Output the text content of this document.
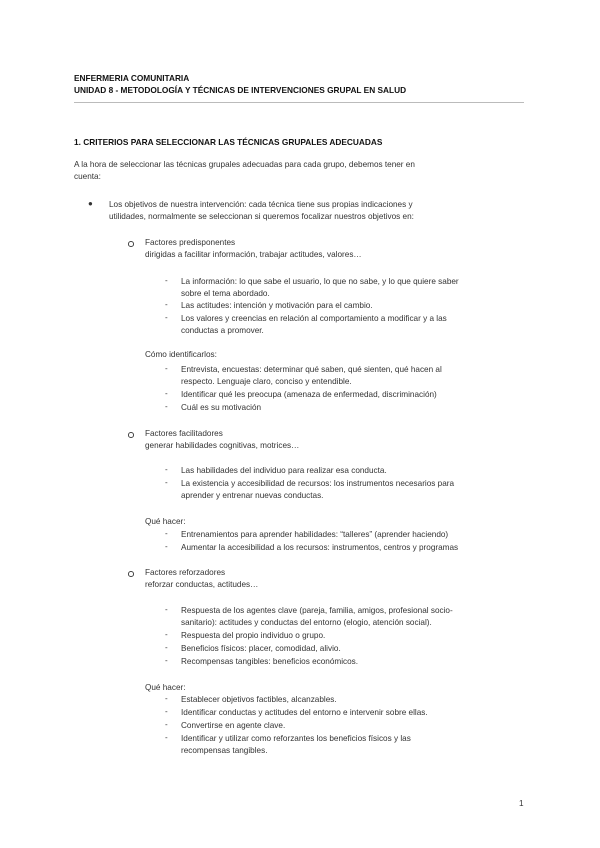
ENFERMERIA COMUNITARIA
UNIDAD 8 - METODOLOGÍA Y TÉCNICAS DE INTERVENCIONES GRUPAL EN SALUD
1. CRITERIOS PARA SELECCIONAR LAS TÉCNICAS GRUPALES ADECUADAS
A la hora de seleccionar las técnicas grupales adecuadas para cada grupo, debemos tener en
cuenta:
● Los objetivos de nuestra intervención: cada técnica tiene sus propias indicaciones y
utilidades, normalmente se seleccionan si queremos focalizar nuestros objetivos en:
Factores predisponentes
dirigidas a facilitar información, trabajar actitudes, valores…
- La información: lo que sabe el usuario, lo que no sabe, y lo que quiere saber
sobre el tema abordado.
- Las actitudes: intención y motivación para el cambio.
- Los valores y creencias en relación al comportamiento a modificar y a las
conductas a promover.
Cómo identificarlos:
- Entrevista, encuestas: determinar qué saben, qué sienten, qué hacen al
respecto. Lenguaje claro, conciso y entendible.
- Identificar qué les preocupa (amenaza de enfermedad, discriminación)
- Cuál es su motivación
Factores facilitadores
generar habilidades cognitivas, motrices…
- Las habilidades del individuo para realizar esa conducta.
- La existencia y accesibilidad de recursos: los instrumentos necesarios para
aprender y entrenar nuevas conductas.
Qué hacer:
- Entrenamientos para aprender habilidades: “talleres” (aprender haciendo)
- Aumentar la accesibilidad a los recursos: instrumentos, centros y programas
Factores reforzadores
reforzar conductas, actitudes…
- Respuesta de los agentes clave (pareja, familia, amigos, profesional socio-
sanitario): actitudes y conductas del entorno (elogio, atención social).
- Respuesta del propio individuo o grupo.
- Beneficios físicos: placer, comodidad, alivio.
- Recompensas tangibles: beneficios económicos.
Qué hacer:
- Establecer objetivos factibles, alcanzables.
- Identificar conductas y actitudes del entorno e intervenir sobre ellas.
- Convertirse en agente clave.
- Identificar y utilizar como reforzantes los beneficios físicos y las
recompensas tangibles.
1
